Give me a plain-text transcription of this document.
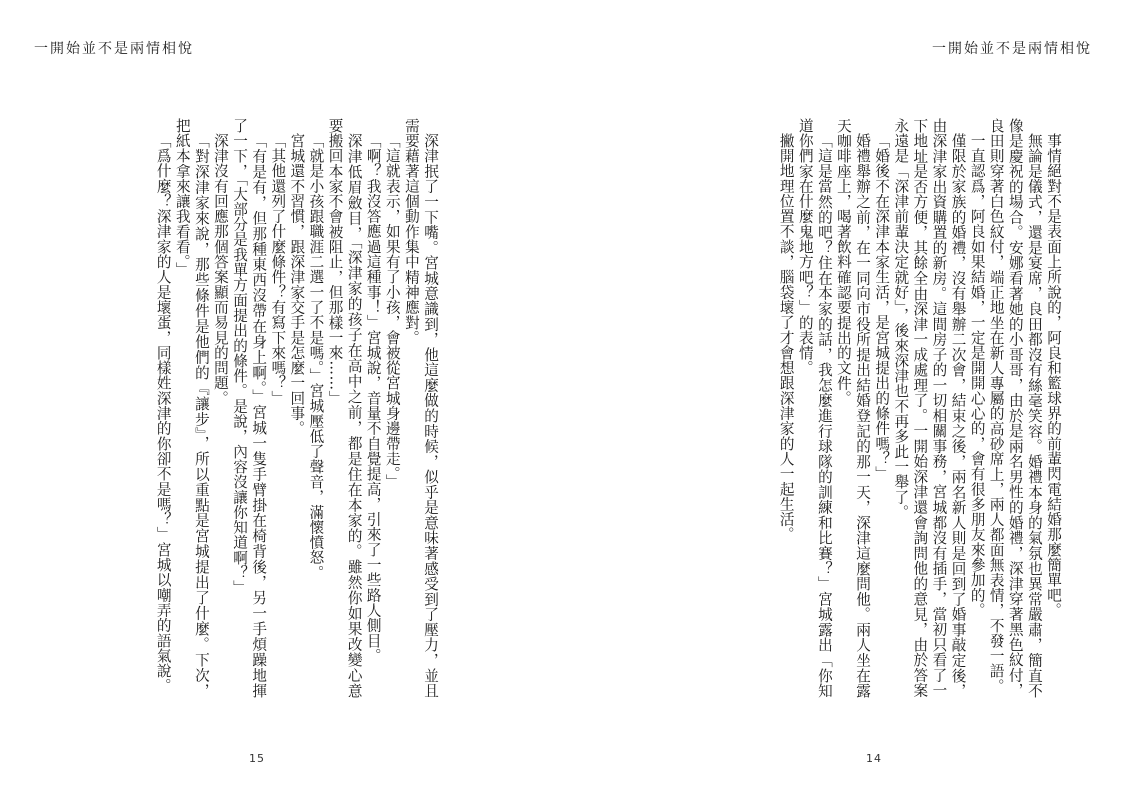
一開始並不是兩情相悅

深津抿了一下嘴。宮城意識到，他這麼做的時候，似乎是意味著感受到了壓力，並且需要藉著這個動作集中精神應對。

「這就表示，如果有了小孩，會被從宮城身邊帶走。」

「啊？我沒答應過這種事！」宮城說，音量不自覺提高，引來了一些路人側目。

深津低眉斂目，「深津家的孩子在高中之前，都是住在本家的。雖然你如果改變心意要搬回本家不會被阻止，但那樣一來……」

「就是小孩跟職涯二選一了不是嗎。」宮城壓低了聲音，滿懷憤怒。

宮城還不習慣，跟深津家交手是怎麼一回事。

「其他還列了什麼條件？有寫下來嗎？」

「有是有，但那種東西沒帶在身上啊。」宮城一隻手臂掛在椅背後，另一手煩躁地揮了一下，「大部分是我單方面提出的條件。是說，內容沒讓你知道啊？」

深津沒有回應那個答案顯而易見的問題。

「對深津家來說，那些條件是他們的『讓步』，所以重點是宮城提出了什麼。下次，把紙本拿來讓我看看。」

「爲什麼？深津家的人是壞蛋，同樣姓深津的你卻不是嗎？」宮城以嘲弄的語氣說。

15
一開始並不是兩情相悅

事情絕對不是表面上所說的，阿良和籃球界的前輩閃電結婚那麼簡單吧。

無論是儀式，還是宴席，良田都沒有絲毫笑容。婚禮本身的氣氛也異常嚴肅，簡直不像是慶祝的場合。安娜看著她的小哥哥，由於是兩名男性的婚禮，深津穿著黑色紋付，良田則穿著白色紋付，端正地坐在新人專屬的高砂席上，兩人都面無表情，不發一語。

一直認爲，阿良如果結婚，一定是開開心心的，會有很多朋友來參加的。

僅限於家族的婚禮，沒有舉辦二次會，結束之後，兩名新人則是回到了婚事敲定後，由深津家出資購置的新房。這間房子的一切相關事務，宮城都沒有插手，當初只看了一下地址是否方便，其餘全由深津一成處理了。一開始深津還會詢問他的意見，由於答案永遠是「深津前輩決定就好」，後來深津也不再多此一舉了。

「婚後不在深津本家生活，是宮城提出的條件嗎？」

婚禮舉辦之前，在一同向市役所提出結婚登記的那一天，深津這麼問他。兩人坐在露天咖啡座上，喝著飲料確認要提出的文件。

「這是當然的吧？住在本家的話，我怎麼進行球隊的訓練和比賽？」宮城露出「你知道你們家在什麼鬼地方吧？」的表情。

撇開地理位置不談，腦袋壞了才會想跟深津家的人一起生活。

14
